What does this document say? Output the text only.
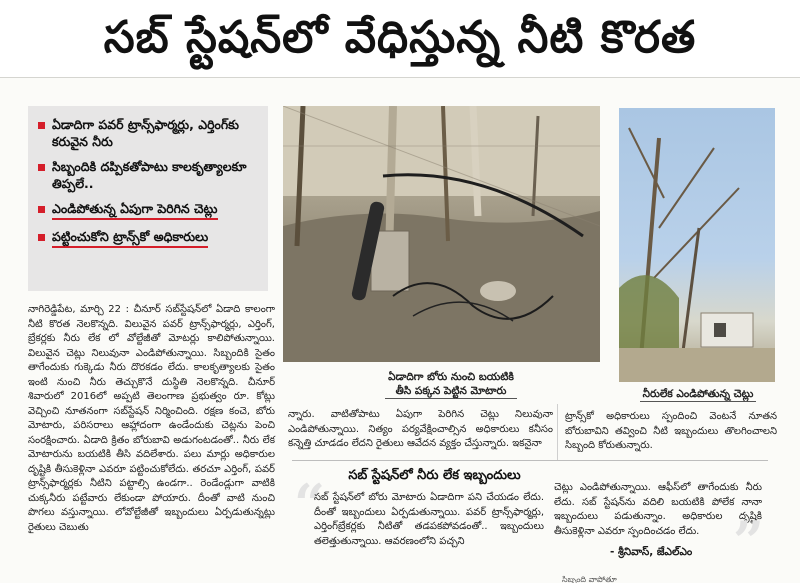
సబ్ స్టేషన్‌లో వేధిస్తున్న నీటి కొరత
ఏడాదిగా పవర్ ట్రాన్స్‌ఫార్మర్లు, ఎర్తింగ్‌కు కరువైన నీరు
సిబ్బందికి దప్పికతోపాటు కాలకృత్యాలకూ తిప్పలే..
ఎండిపోతున్న ఏపుగా పెరిగిన చెట్లు
పట్టించుకోని ట్రాన్స్‌కో అధికారులు
ఏడాదిగా బోరు నుంచి బయటికి తీసి పక్కన పెట్టిన మోటారు	నీరులేక ఎండిపోతున్న చెట్లు

నాగిరెడ్డిపేట, మార్చి 22 : చీనూర్ సబ్‌స్టేషన్‌లో ఏడాది కాలంగా నీటి కొరత నెలకొన్నది. విలువైన పవర్ ట్రాన్స్‌ఫార్మర్లు, ఎర్తింగ్, బ్రేకర్లకు నీరు లేక లో వోల్టేజీతో మోటర్లు కాలిపోతున్నాయి. విలువైన చెట్లు నిలువునా ఎండిపోతున్నాయి. సిబ్బందికి సైతం తాగేందుకు గుక్కెడు నీరు దొరకడం లేదు. కాలకృత్యాలకు సైతం ఇంటి నుంచి నీరు తెచ్చుకొనే దుస్థితి నెలకొన్నది. చీనూర్ శివారులో 2016లో అప్పటి తెలంగాణ ప్రభుత్వం రూ. కోట్లు వెచ్చించి నూతనంగా సబ్‌స్టేషన్ నిర్మించింది. రక్షణ కంచె, బోరు మోటారు, పరిసరాలు ఆహ్లాదంగా ఉండేందుకు చెట్లను పెంచి సంరక్షించారు. ఏడాది క్రితం బోరుబావి అడుగంటడంతో.. నీరు లేక మోటారును బయటికి తీసి వదిలేశారు. పలు మార్లు అధికారుల దృష్టికి తీసుకెళ్లినా ఎవరూ పట్టించుకోలేదు. తరచూ ఎర్తింగ్, పవర్ ట్రాన్స్‌ఫార్మర్లకు నీటిని పట్టాల్సి ఉండగా.. రెండేండ్లుగా వాటికి చుక్కనీరు పట్టేవారు లేకుండా పోయారు. దీంతో వాటి నుంచి పొగలు వస్తున్నాయి. లోవోల్టేజీతో ఇబ్బందులు ఏర్పడుతున్నట్లు రైతులు చెబుతు

న్నారు. వాటితోపాటు ఏపుగా పెరిగిన చెట్లు నిలువునా ఎండిపోతున్నాయి. నిత్యం పర్యవేక్షించాల్సిన అధికారులు కనీసం కన్నెత్తి చూడడం లేదని రైతులు ఆవేదన వ్యక్తం చేస్తున్నారు. ఇకనైనా

ట్రాన్స్‌కో అధికారులు స్పందించి వెంటనే నూతన బోరుబావిని తవ్వించి నీటి ఇబ్బందులు తొలగించాలని సిబ్బంది కోరుతున్నారు.

“	సబ్ స్టేషన్‌లో నీరు లేక ఇబ్బందులు
సబ్ స్టేషన్‌లో బోరు మోటారు ఏడాదిగా పని చేయడం లేదు. దీంతో ఇబ్బందులు ఏర్పడుతున్నాయి. పవర్ ట్రాన్స్‌ఫార్మర్లు, ఎర్తింగ్‌బ్రేకర్లకు నీటితో తడపకపోవడంతో.. ఇబ్బందులు తలెత్తుతున్నాయి. ఆవరణంలోని పచ్చని
చెట్లు ఎండిపోతున్నాయి. ఆఫీస్‌లో తాగేందుకు నీరు లేదు. సబ్ స్టేషన్‌ను వదిలి బయటికి పోలేక నానా ఇబ్బందులు పడుతున్నాం. అధికారుల దృష్టికి తీసుకెళ్లినా ఎవరూ స్పందించడం లేదు.
- శ్రీనివాస్, జేఎల్‌ఎం ”
సిబ్బంది వాపోతూ
